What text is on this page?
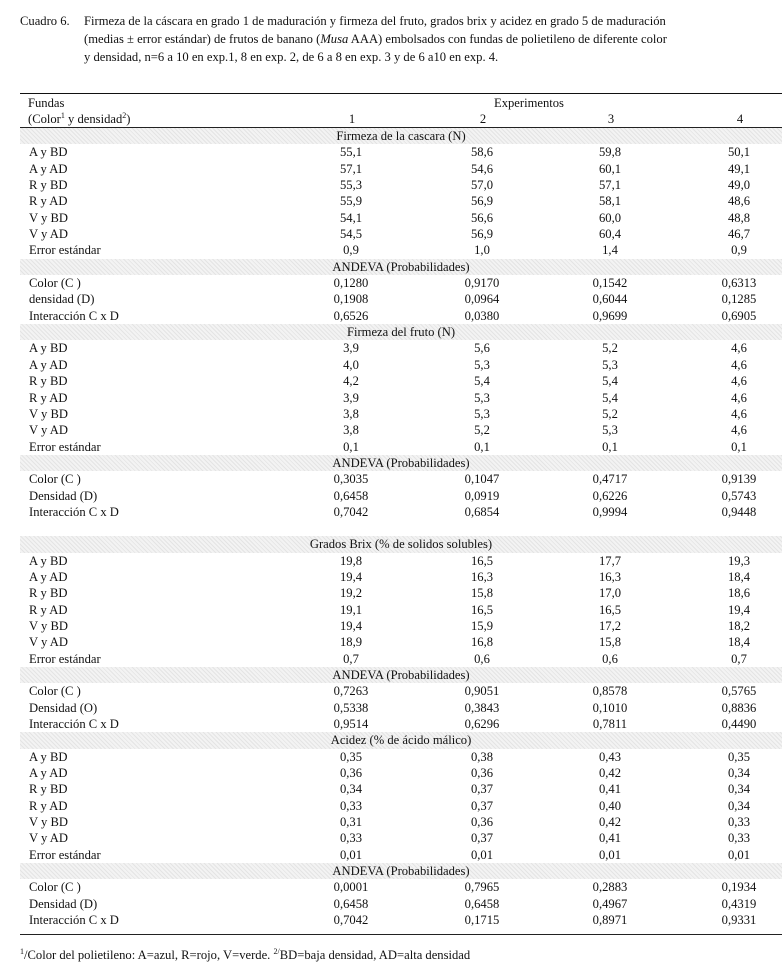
Cuadro 6. Firmeza de la cáscara en grado 1 de maduración y firmeza del fruto, grados brix y acidez en grado 5 de maduración
(medias ± error estándar) de frutos de banano (Musa AAA) embolsados con fundas de polietileno de diferente color
y densidad, n=6 a 10 en exp.1, 8 en exp. 2, de 6 a 8 en exp. 3 y de 6 a10 en exp. 4.
Fundas
(Color$^1$ y densidad$^2$)
Experimentos
1	2	3	4
Firmeza de la cascara (N)
A y BD	55,1	58,6	59,8	50,1
A y AD	57,1	54,6	60,1	49,1
R y BD	55,3	57,0	57,1	49,0
R y AD	55,9	56,9	58,1	48,6
V y BD	54,1	56,6	60,0	48,8
V y AD	54,5	56,9	60,4	46,7
Error estándar	0,9	1,0	1,4	0,9
ANDEVA (Probabilidades)
Color (C )	0,1280	0,9170	0,1542	0,6313
densidad (D)	0,1908	0,0964	0,6044	0,1285
Interacción C x D	0,6526	0,0380	0,9699	0,6905
Firmeza del fruto (N)
A y BD	3,9	5,6	5,2	4,6
A y AD	4,0	5,3	5,3	4,6
R y BD	4,2	5,4	5,4	4,6
R y AD	3,9	5,3	5,4	4,6
V y BD	3,8	5,3	5,2	4,6
V y AD	3,8	5,2	5,3	4,6
Error estándar	0,1	0,1	0,1	0,1
ANDEVA (Probabilidades)
Color (C )	0,3035	0,1047	0,4717	0,9139
Densidad (D)	0,6458	0,0919	0,6226	0,5743
Interacción C x D	0,7042	0,6854	0,9994	0,9448
Grados Brix (% de solidos solubles)
A y BD	19,8	16,5	17,7	19,3
A y AD	19,4	16,3	16,3	18,4
R y BD	19,2	15,8	17,0	18,6
R y AD	19,1	16,5	16,5	19,4
V y BD	19,4	15,9	17,2	18,2
V y AD	18,9	16,8	15,8	18,4
Error estándar	0,7	0,6	0,6	0,7
ANDEVA (Probabilidades)
Color (C )	0,7263	0,9051	0,8578	0,5765
Densidad (O)	0,5338	0,3843	0,1010	0,8836
Interacción C x D	0,9514	0,6296	0,7811	0,4490
Acidez (% de ácido málico)
A y BD	0,35	0,38	0,43	0,35
A y AD	0,36	0,36	0,42	0,34
R y BD	0,34	0,37	0,41	0,34
R y AD	0,33	0,37	0,40	0,34
V y BD	0,31	0,36	0,42	0,33
V y AD	0,33	0,37	0,41	0,33
Error estándar	0,01	0,01	0,01	0,01
ANDEVA (Probabilidades)
Color (C )	0,0001	0,7965	0,2883	0,1934
Densidad (D)	0,6458	0,6458	0,4967	0,4319
Interacción C x D	0,7042	0,1715	0,8971	0,9331
$^1$/Color del polietileno: A=azul, R=rojo, V=verde. $^{2/}$BD=baja densidad, AD=alta densidad
